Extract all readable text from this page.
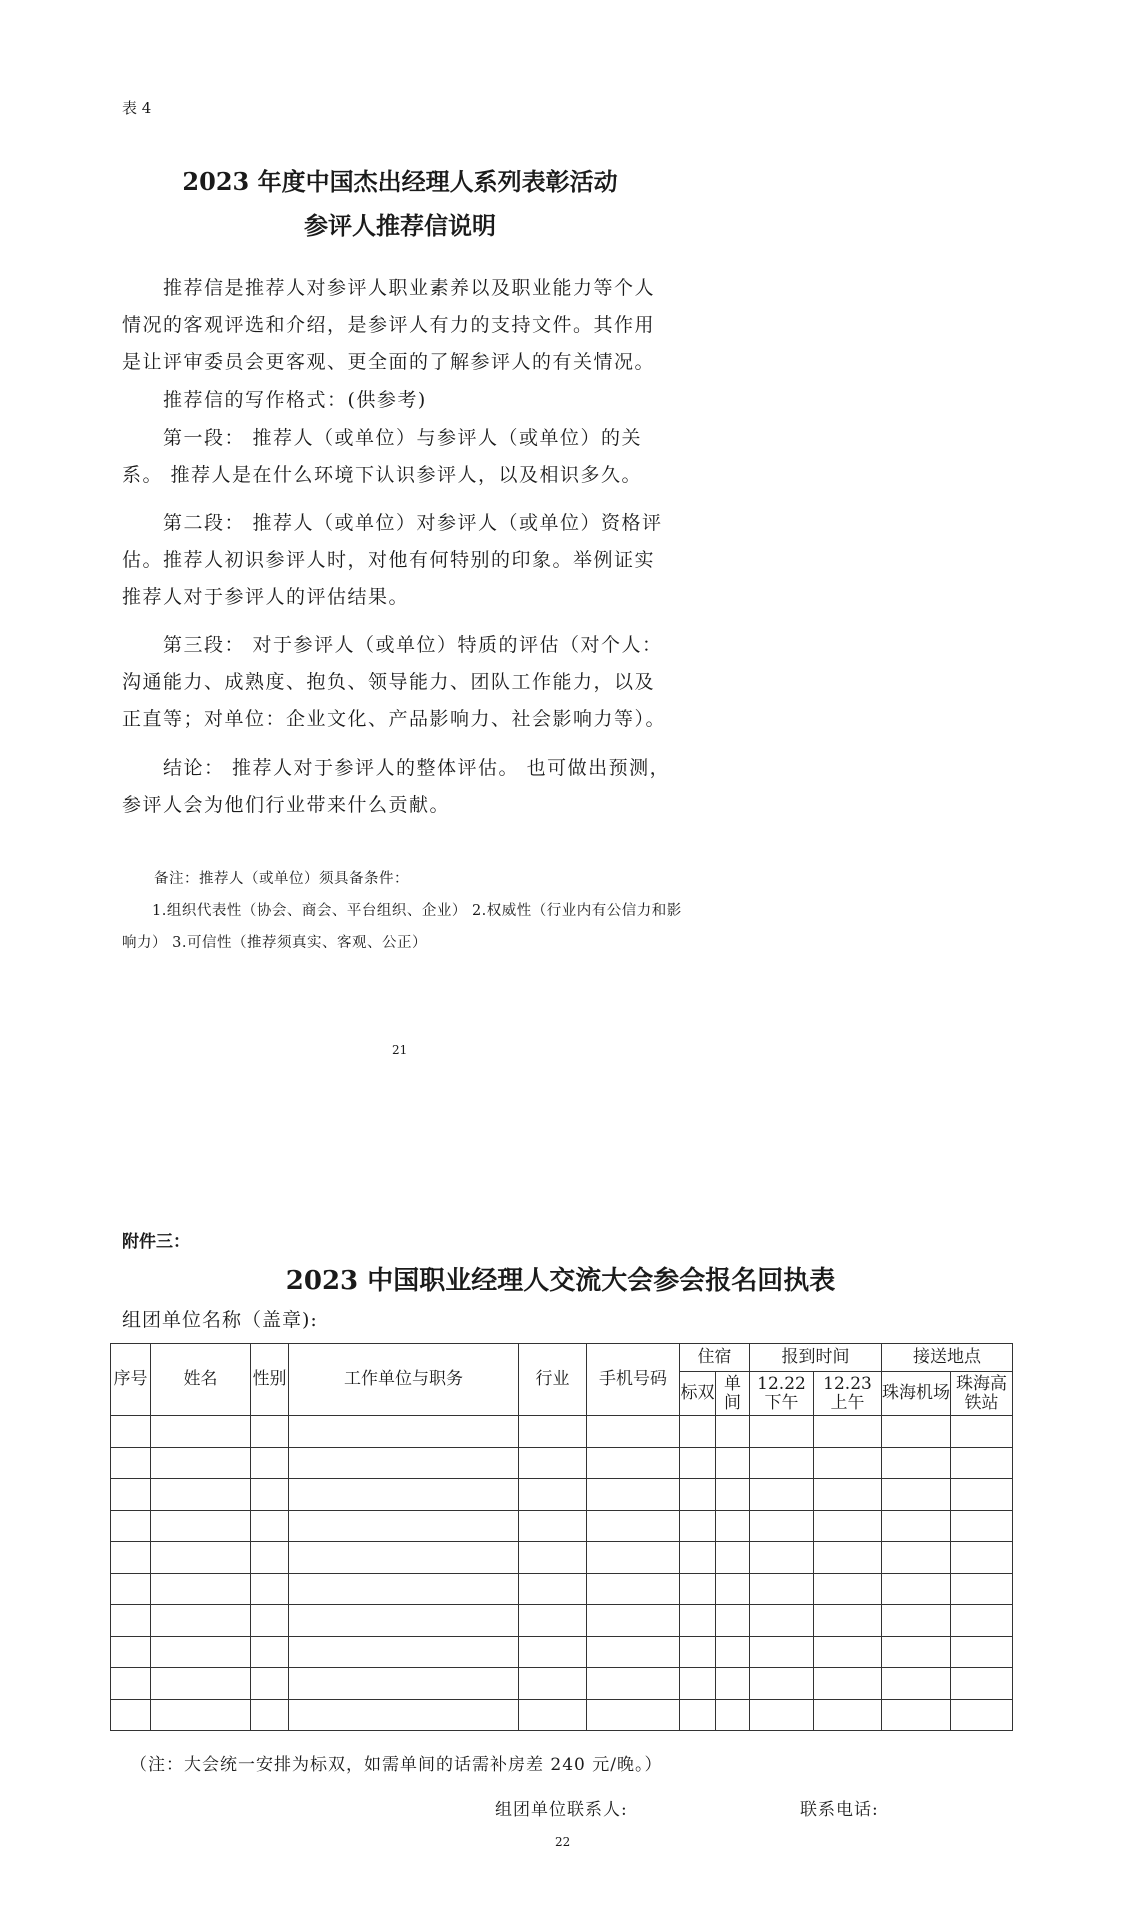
表 4
2023 年度中国杰出经理人系列表彰活动
参评人推荐信说明

推荐信是推荐人对参评人职业素养以及职业能力等个人情况的客观评选和介绍，是参评人有力的支持文件。其作用是让评审委员会更客观、更全面的了解参评人的有关情况。

推荐信的写作格式：(供参考)

第一段： 推荐人（或单位）与参评人（或单位）的关系。 推荐人是在什么环境下认识参评人，以及相识多久。

第二段： 推荐人（或单位）对参评人（或单位）资格评估。推荐人初识参评人时，对他有何特别的印象。举例证实推荐人对于参评人的评估结果。

第三段： 对于参评人（或单位）特质的评估（对个人：沟通能力、成熟度、抱负、领导能力、团队工作能力，以及正直等；对单位：企业文化、产品影响力、社会影响力等）。

结论： 推荐人对于参评人的整体评估。 也可做出预测，参评人会为他们行业带来什么贡献。

备注：推荐人（或单位）须具备条件：

1.组织代表性（协会、商会、平台组织、企业） 2.权威性（行业内有公信力和影响力） 3.可信性（推荐须真实、客观、公正）

21
附件三：
2023 中国职业经理人交流大会参会报名回执表
组团单位名称（盖章):
序号	姓名	性别	工作单位与职务	行业	手机号码	住宿		报到时间		接送地点	
						标双	单间	12.22 下午	12.23 上午	珠海机场	珠海高铁站

（注：大会统一安排为标双，如需单间的话需补房差 240 元/晚。）
组团单位联系人:	联系电话:
22
